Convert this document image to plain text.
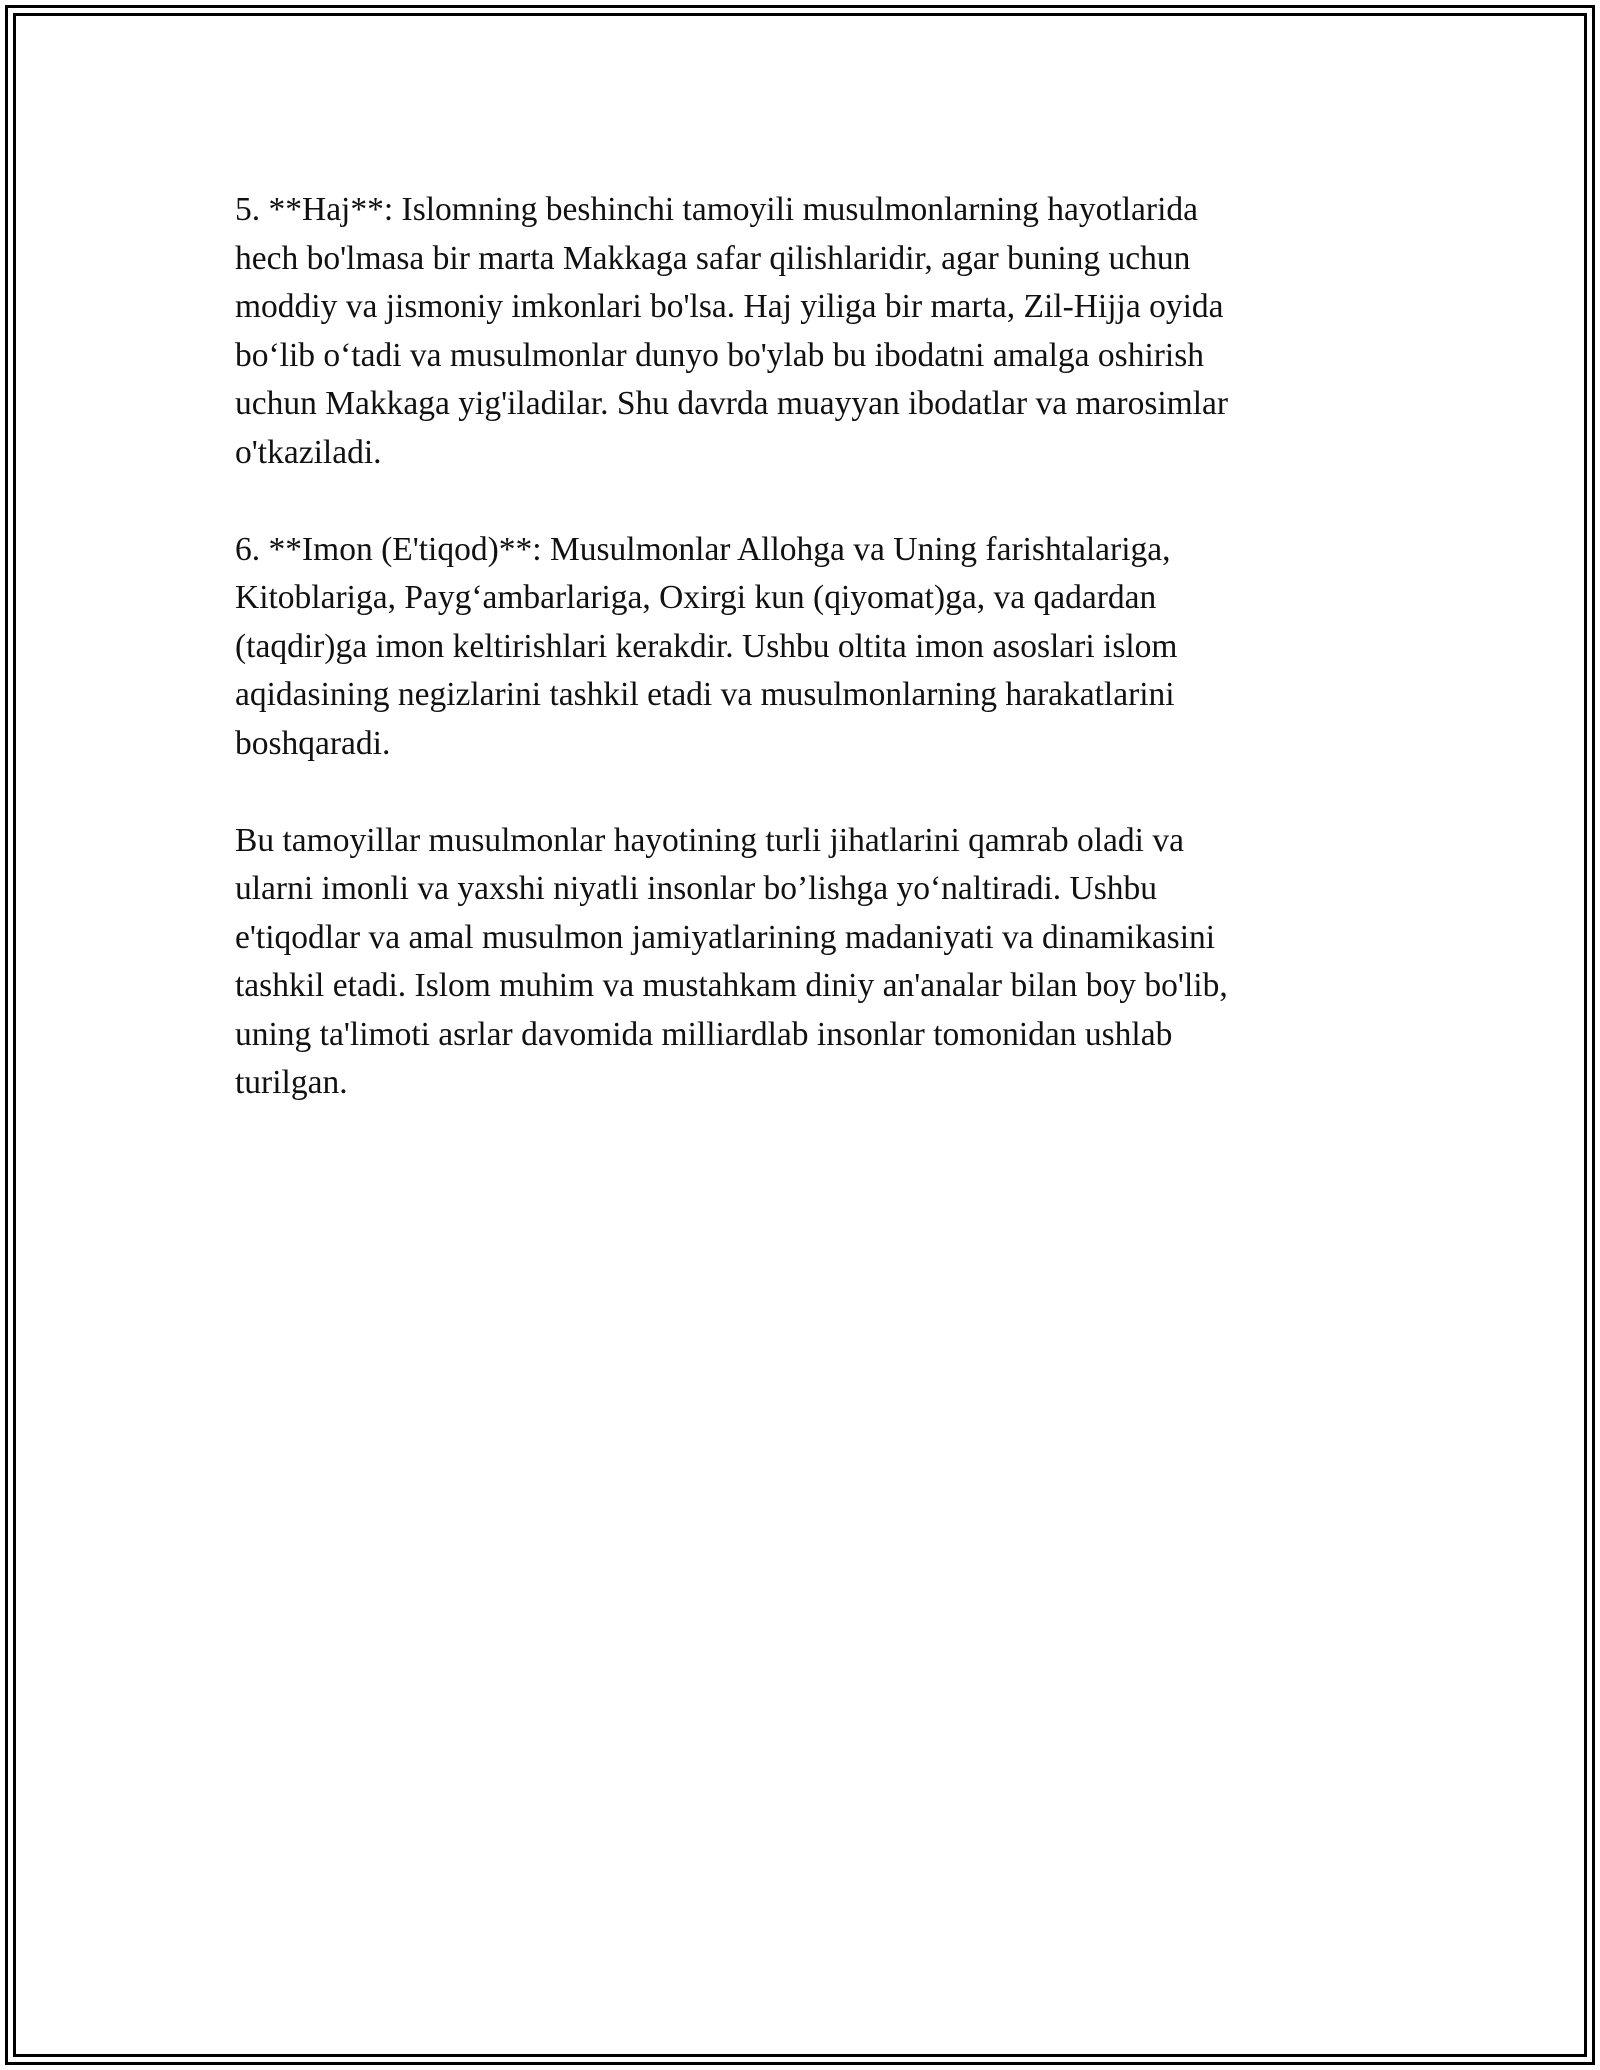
5. **Haj**: Islomning beshinchi tamoyili musulmonlarning hayotlarida
hech bo'lmasa bir marta Makkaga safar qilishlaridir, agar buning uchun
moddiy va jismoniy imkonlari bo'lsa. Haj yiliga bir marta, Zil-Hijja oyida
bo‘lib o‘tadi va musulmonlar dunyo bo'ylab bu ibodatni amalga oshirish
uchun Makkaga yig'iladilar. Shu davrda muayyan ibodatlar va marosimlar
o'tkaziladi.

6. **Imon (E'tiqod)**: Musulmonlar Allohga va Uning farishtalariga,
Kitoblariga, Payg‘ambarlariga, Oxirgi kun (qiyomat)ga, va qadardan
(taqdir)ga imon keltirishlari kerakdir. Ushbu oltita imon asoslari islom
aqidasining negizlarini tashkil etadi va musulmonlarning harakatlarini
boshqaradi.

Bu tamoyillar musulmonlar hayotining turli jihatlarini qamrab oladi va
ularni imonli va yaxshi niyatli insonlar bo’lishga yo‘naltiradi. Ushbu
e'tiqodlar va amal musulmon jamiyatlarining madaniyati va dinamikasini
tashkil etadi. Islom muhim va mustahkam diniy an'analar bilan boy bo'lib,
uning ta'limoti asrlar davomida milliardlab insonlar tomonidan ushlab
turilgan.
